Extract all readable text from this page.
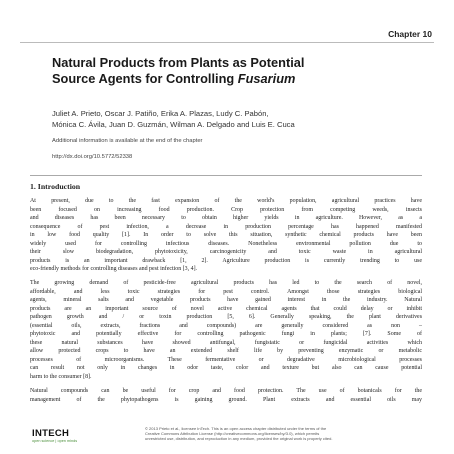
Chapter 10
Natural Products from Plants as Potential
Source Agents for Controlling Fusarium
Juliet A. Prieto, Oscar J. Patiño, Erika A. Plazas, Ludy C. Pabón,
Mónica C. Ávila, Juan D. Guzmán, Wilman A. Delgado and Luis E. Cuca
Additional information is available at the end of the chapter
http://dx.doi.org/10.5772/52338
1. Introduction
At present, due to the fast expansion of the world's population, agricultural practices have
been focused on increasing food production. Crop protection from competing weeds, insects
and diseases has been necessary to obtain higher yields in agriculture. However, as a
consequence of pest infection, a decrease in production percentage has happened manifested
in low food quality [1]. In order to solve this situation, synthetic chemical products have been
widely used for controlling infectious diseases. Nonetheless environmental pollution due to
their slow biodegradation, phytotoxicity, carcinogenicity and toxic waste in agricultural
products is an important drawback [1, 2]. Agriculture production is currently trending to use
eco-friendly methods for controlling diseases and pest infection [3, 4].
The growing demand of pesticide-free agricultural products has led to the search of novel,
affordable, and less toxic strategies for pest control. Amongst those strategies biological
agents, mineral salts and vegetable products have gained interest in the industry. Natural
products are an important source of novel active chemical agents that could delay or inhibit
pathogen growth and / or toxin production [5, 6]. Generally speaking, the plant derivatives
(essential oils, extracts, fractions and compounds) are generally considered as non –
phytotoxic and potentially effective for controlling pathogenic fungi in plants; [7]. Some of
these natural substances have showed antifungal, fungistatic or fungicidal activities which
allow protected crops to have an extended shelf life by preventing enzymatic or metabolic
processes of microorganisms. These fermentative or degradative microbiological processes
can result not only in changes in odor taste, color and texture but also can cause potential
harm to the consumer [8].
Natural compounds can be useful for crop and food protection. The use of botanicals for the
management of the phytopathogens is gaining ground. Plant extracts and essential oils may
INTECH
open science | open minds
© 2013 Prieto et al., licensee InTech. This is an open access chapter distributed under the terms of the
Creative Commons Attribution License (http://creativecommons.org/licenses/by/3.0), which permits
unrestricted use, distribution, and reproduction in any medium, provided the original work is properly cited.
